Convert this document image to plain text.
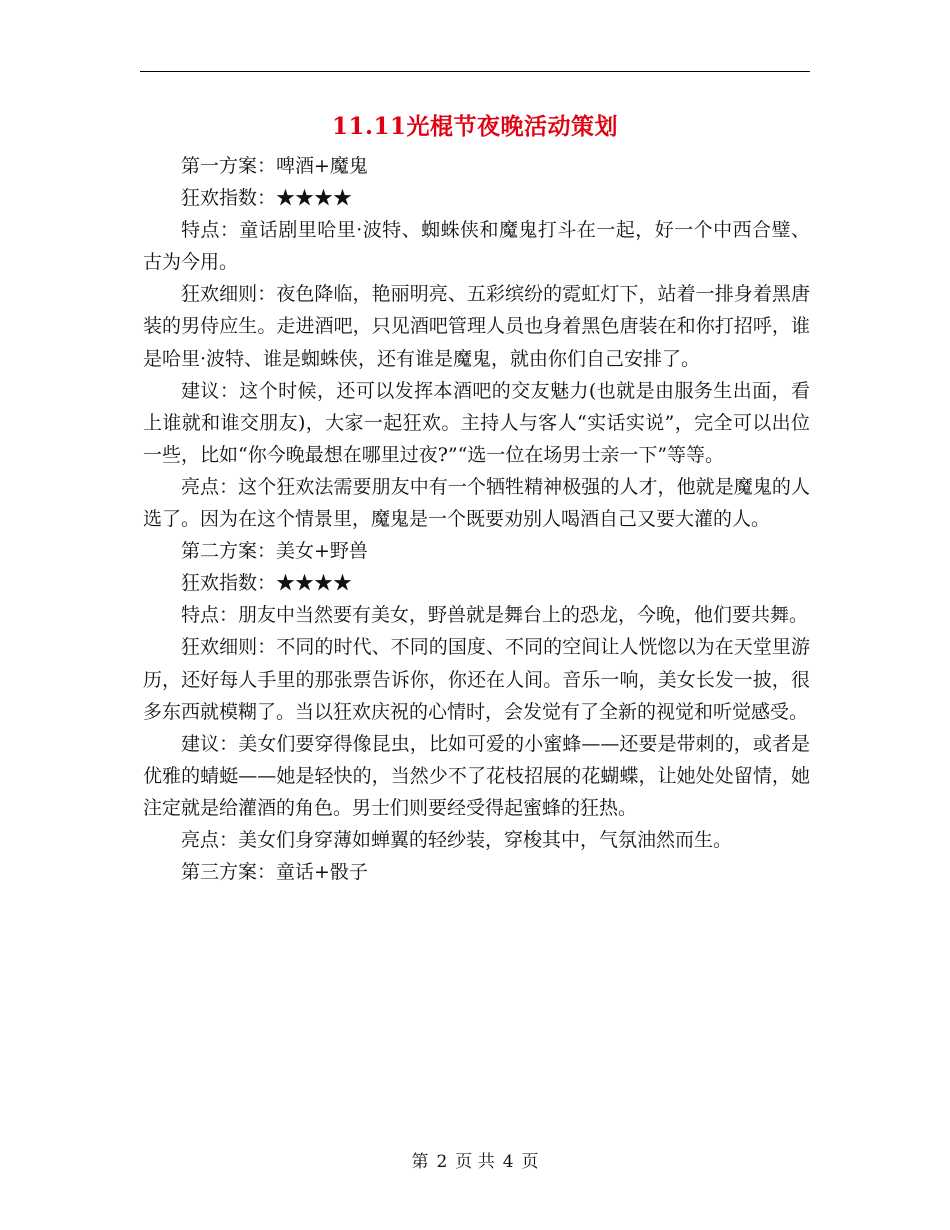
11.11光棍节夜晚活动策划

第一方案：啤酒+魔鬼

狂欢指数：★★★★

特点：童话剧里哈里·波特、蜘蛛侠和魔鬼打斗在一起，好一个中西合璧、古为今用。

狂欢细则：夜色降临，艳丽明亮、五彩缤纷的霓虹灯下，站着一排身着黑唐装的男侍应生。走进酒吧，只见酒吧管理人员也身着黑色唐装在和你打招呼，谁是哈里·波特、谁是蜘蛛侠，还有谁是魔鬼，就由你们自己安排了。

建议：这个时候，还可以发挥本酒吧的交友魅力(也就是由服务生出面，看上谁就和谁交朋友)，大家一起狂欢。主持人与客人“实话实说”，完全可以出位一些，比如“你今晚最想在哪里过夜?”“选一位在场男士亲一下”等等。

亮点：这个狂欢法需要朋友中有一个牺牲精神极强的人才，他就是魔鬼的人选了。因为在这个情景里，魔鬼是一个既要劝别人喝酒自己又要大灌的人。

第二方案：美女+野兽

狂欢指数：★★★★

特点：朋友中当然要有美女，野兽就是舞台上的恐龙，今晚，他们要共舞。

狂欢细则：不同的时代、不同的国度、不同的空间让人恍惚以为在天堂里游历，还好每人手里的那张票告诉你，你还在人间。音乐一响，美女长发一披，很多东西就模糊了。当以狂欢庆祝的心情时，会发觉有了全新的视觉和听觉感受。

建议：美女们要穿得像昆虫，比如可爱的小蜜蜂——还要是带刺的，或者是优雅的蜻蜓——她是轻快的，当然少不了花枝招展的花蝴蝶，让她处处留情，她注定就是给灌酒的角色。男士们则要经受得起蜜蜂的狂热。

亮点：美女们身穿薄如蝉翼的轻纱装，穿梭其中，气氛油然而生。

第三方案：童话+骰子

第 2 页 共 4 页
